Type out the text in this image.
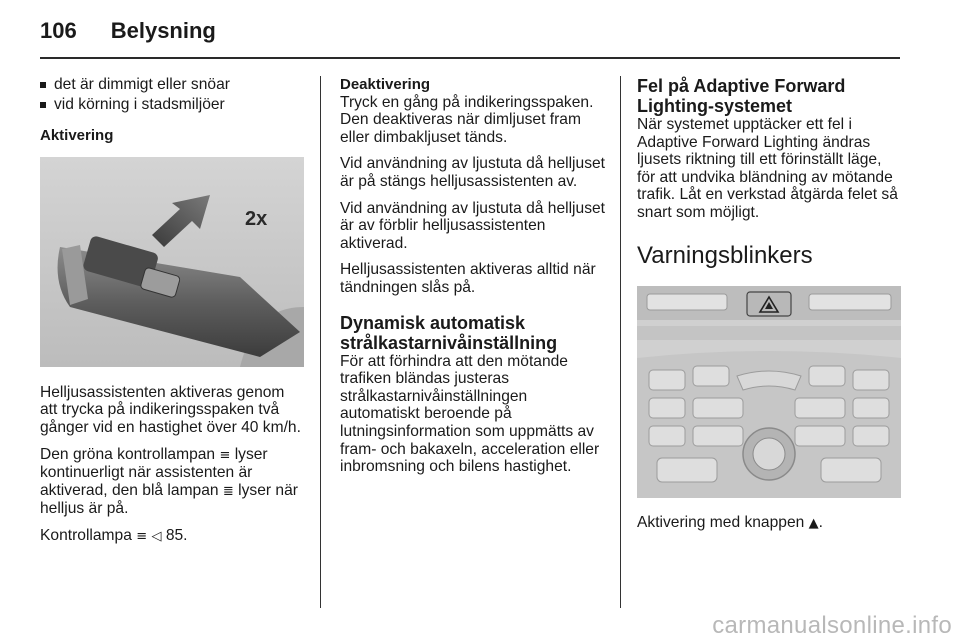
106 Belysning
det är dimmigt eller snöar
vid körning i stadsmiljöer
Aktivering
2x

Helljusassistenten aktiveras genom att trycka på indikeringsspaken två gånger vid en hastighet över 40 km/h.

Den gröna kontrollampan ≡ lyser kontinuerligt när assistenten är aktiverad, den blå lampan ≣ lyser när helljus är på.

Kontrollampa ≡ ◁ 85.

Deaktivering

Tryck en gång på indikeringsspaken. Den deaktiveras när dimljuset fram eller dimbakljuset tänds.

Vid användning av ljustuta då helljuset är på stängs helljusassistenten av.

Vid användning av ljustuta då helljuset är av förblir helljusassistenten aktiverad.

Helljusassistenten aktiveras alltid när tändningen slås på.

Dynamisk automatisk strålkastarnivåinställning

För att förhindra att den mötande trafiken bländas justeras strålkastarnivåinställningen automatiskt beroende på lutningsinformation som uppmätts av fram- och bakaxeln, acceleration eller inbromsning och bilens hastighet.

Fel på Adaptive Forward Lighting-systemet

När systemet upptäcker ett fel i Adaptive Forward Lighting ändras ljusets riktning till ett förinställt läge, för att undvika bländning av mötande trafik. Låt en verkstad åtgärda felet så snart som möjligt.

Varningsblinkers

Aktivering med knappen ▲.

carmanualsonline.info
